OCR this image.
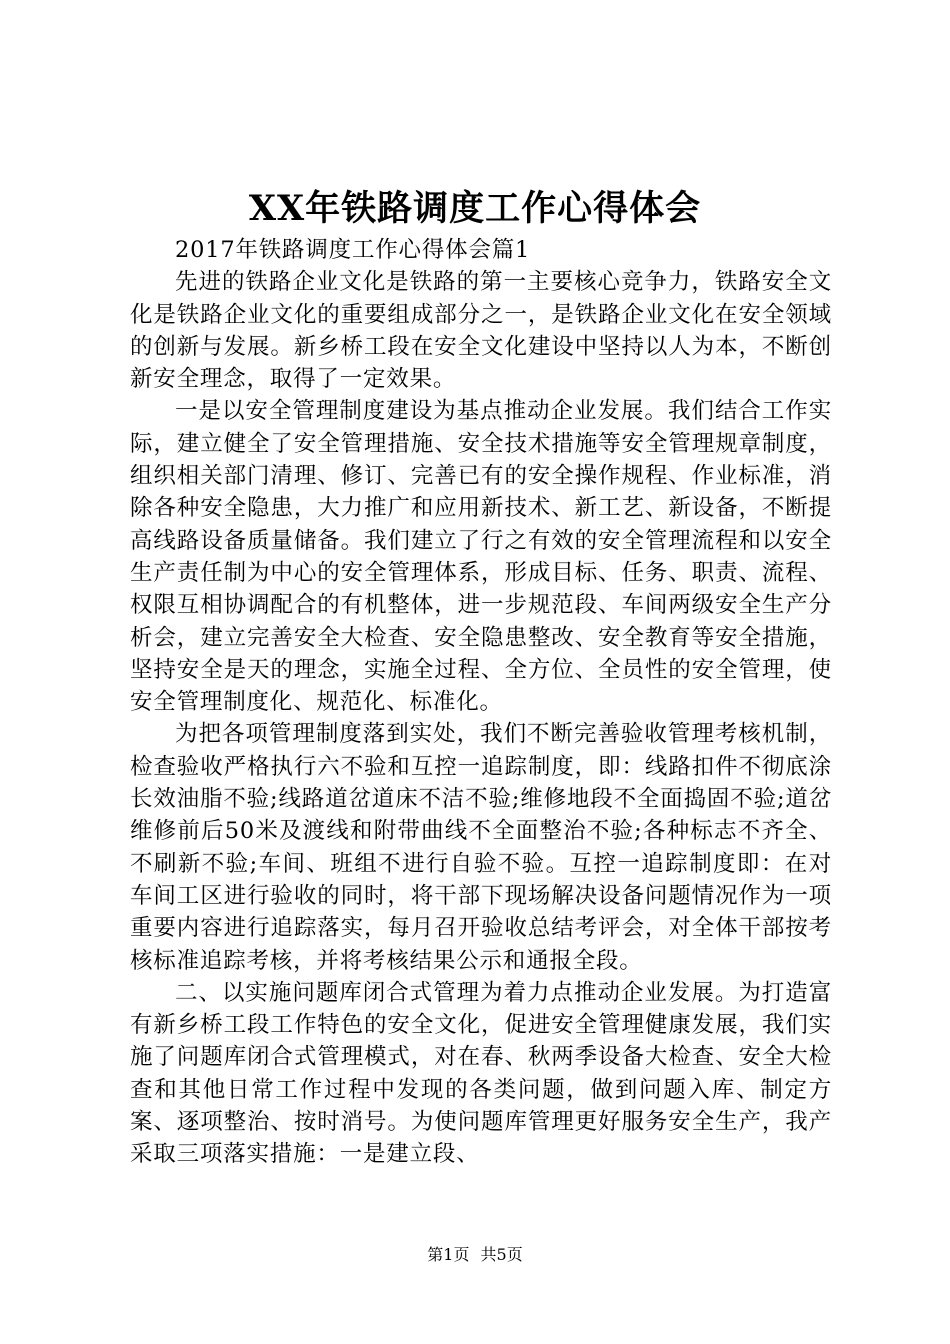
XX年铁路调度工作心得体会

2017年铁路调度工作心得体会篇1

先进的铁路企业文化是铁路的第一主要核心竞争力，铁路安全文化是铁路企业文化的重要组成部分之一，是铁路企业文化在安全领域的创新与发展。新乡桥工段在安全文化建设中坚持以人为本，不断创新安全理念，取得了一定效果。

一是以安全管理制度建设为基点推动企业发展。我们结合工作实际，建立健全了安全管理措施、安全技术措施等安全管理规章制度，组织相关部门清理、修订、完善已有的安全操作规程、作业标准，消除各种安全隐患，大力推广和应用新技术、新工艺、新设备，不断提高线路设备质量储备。我们建立了行之有效的安全管理流程和以安全生产责任制为中心的安全管理体系，形成目标、任务、职责、流程、权限互相协调配合的有机整体，进一步规范段、车间两级安全生产分析会，建立完善安全大检查、安全隐患整改、安全教育等安全措施，坚持安全是天的理念，实施全过程、全方位、全员性的安全管理，使安全管理制度化、规范化、标准化。

为把各项管理制度落到实处，我们不断完善验收管理考核机制，检查验收严格执行六不验和互控一追踪制度，即：线路扣件不彻底涂长效油脂不验;线路道岔道床不洁不验;维修地段不全面捣固不验;道岔维修前后50米及渡线和附带曲线不全面整治不验;各种标志不齐全、不刷新不验;车间、班组不进行自验不验。互控一追踪制度即：在对车间工区进行验收的同时，将干部下现场解决设备问题情况作为一项重要内容进行追踪落实，每月召开验收总结考评会，对全体干部按考核标准追踪考核，并将考核结果公示和通报全段。

二、以实施问题库闭合式管理为着力点推动企业发展。为打造富有新乡桥工段工作特色的安全文化，促进安全管理健康发展，我们实施了问题库闭合式管理模式，对在春、秋两季设备大检查、安全大检查和其他日常工作过程中发现的各类问题，做到问题入库、制定方案、逐项整治、按时消号。为使问题库管理更好服务安全生产，我产采取三项落实措施：一是建立段、

第1页 共5页
